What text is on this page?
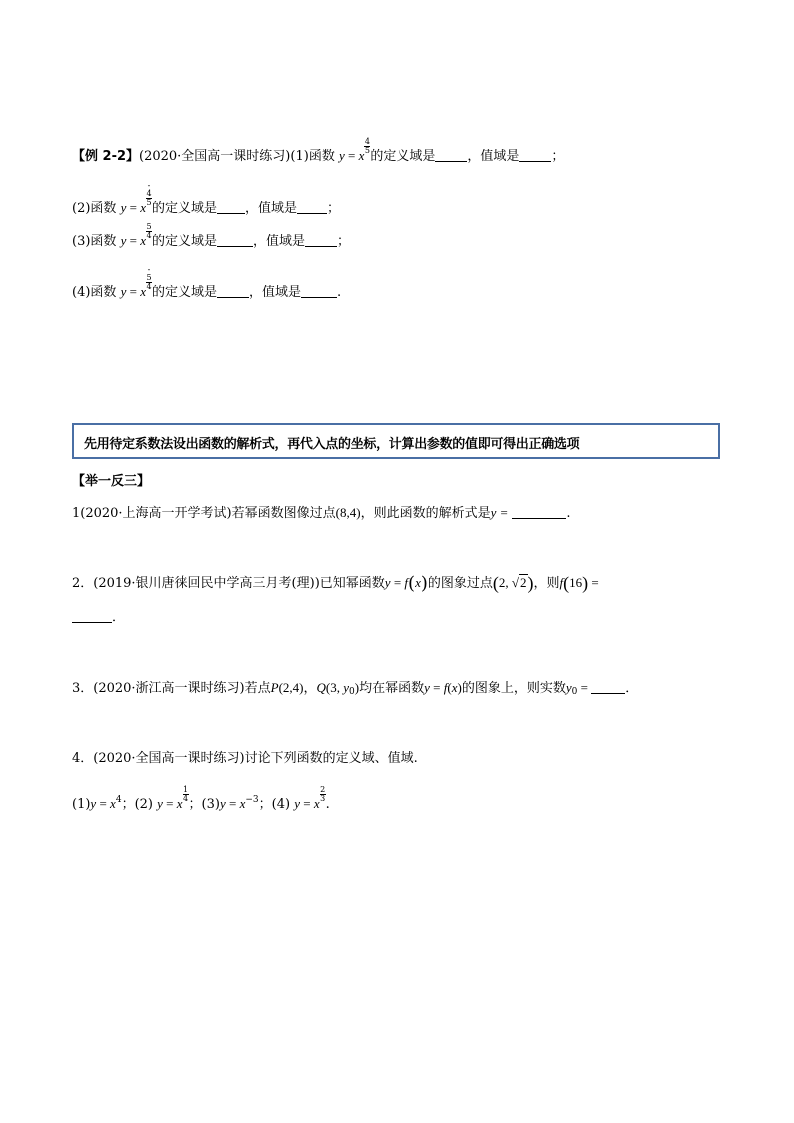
【例 2-2】(2020·全国高一课时练习)(1)函数 y = x
$^{\frac{4}{5}}$
的定义域是 ，值域是 ；
(2)函数 y = x
$^{- 4 5}$
的定义域是 ，值域是 ；
(3)函数 y = x
$^{\frac{5}{4}}$
的定义域是	，值域是 ；
(4)函数 y = x
$^{- 5 4}$
的定义域是 ，值域是	.
先用待定系数法设出函数的解析式，再代入点的坐标，计算出参数的值即可得出正确选项
【举一反三】
1(2020·上海高一开学考试)若幂函数图像过点(8,4)，则此函数的解析式是y =	.
2．(2019·银川唐徕回民中学高三月考(理))已知幂函数y = f(x)的图象过点(2, √2)，则f(16) =
．
3．(2020·浙江高一课时练习)若点P(2,4)，Q(3, $y_0$)均在幂函数y = f(x)的图象上，则实数$y_0$ =	．
4．(2020·全国高一课时练习)讨论下列函数的定义域、值域.
$(1)y = x^4$；(2) y = x
$^{\frac{1}{4}}$
；$(3)y = x^{-3}$；(4) y = x
$^{\frac{2}{3}}$
.
